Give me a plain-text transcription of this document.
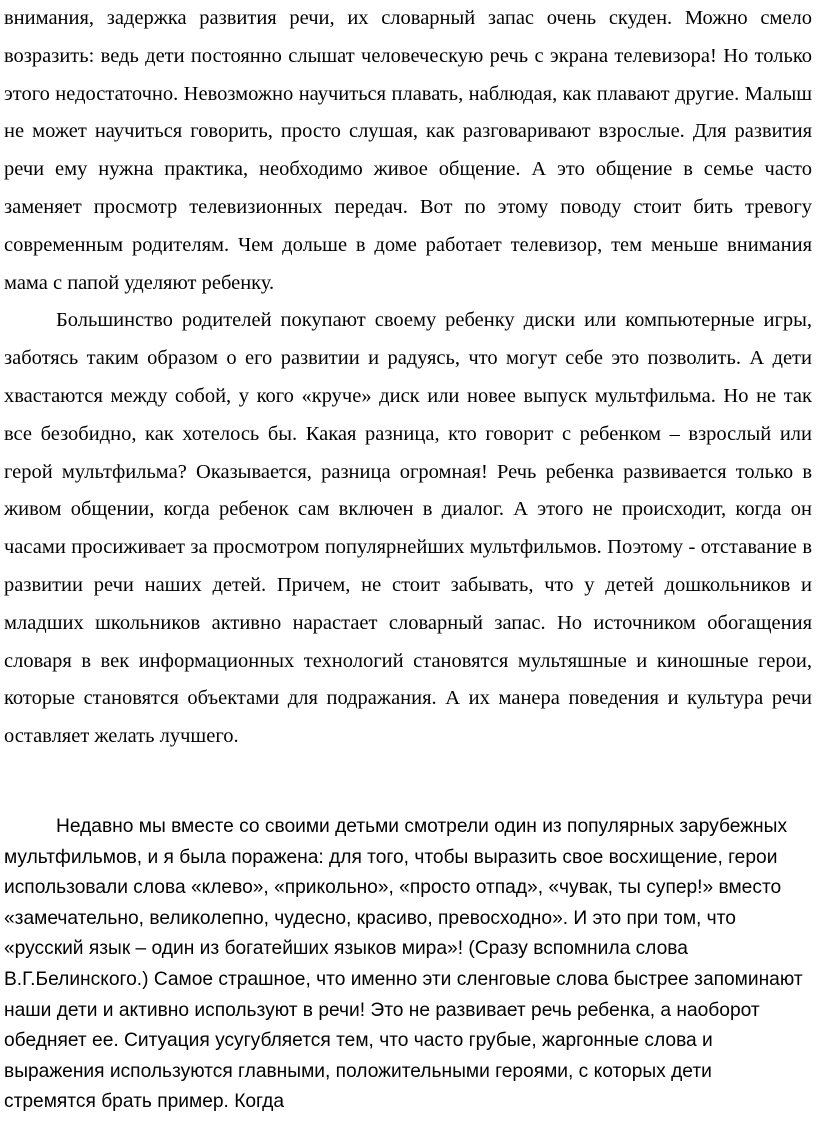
внимания, задержка развития речи, их словарный запас очень скуден. Можно смело возразить: ведь дети постоянно слышат человеческую речь с экрана телевизора! Но только этого недостаточно. Невозможно научиться плавать, наблюдая, как плавают другие. Малыш не может научиться говорить, просто слушая, как разговаривают взрослые. Для развития речи ему нужна практика, необходимо живое общение. А это общение в семье часто заменяет просмотр телевизионных передач. Вот по этому поводу стоит бить тревогу современным родителям. Чем дольше в доме работает телевизор, тем меньше внимания мама с папой уделяют ребенку.

Большинство родителей покупают своему ребенку диски или компьютерные игры, заботясь таким образом о его развитии и радуясь, что могут себе это позволить. А дети хвастаются между собой, у кого «круче» диск или новее выпуск мультфильма. Но не так все безобидно, как хотелось бы. Какая разница, кто говорит с ребенком – взрослый или герой мультфильма? Оказывается, разница огромная! Речь ребенка развивается только в живом общении, когда ребенок сам включен в диалог. А этого не происходит, когда он часами просиживает за просмотром популярнейших мультфильмов. Поэтому - отставание в развитии речи наших детей. Причем, не стоит забывать, что у детей дошкольников и младших школьников активно нарастает словарный запас. Но источником обогащения словаря в век информационных технологий становятся мультяшные и киношные герои, которые становятся объектами для подражания. А их манера поведения и культура речи оставляет желать лучшего.

Недавно мы вместе со своими детьми смотрели один из популярных зарубежных мультфильмов, и я была поражена: для того, чтобы выразить свое восхищение, герои использовали слова «клево», «прикольно», «просто отпад», «чувак, ты супер!» вместо «замечательно, великолепно, чудесно, красиво, превосходно». И это при том, что «русский язык – один из богатейших языков мира»! (Сразу вспомнила слова В.Г.Белинского.) Самое страшное, что именно эти сленговые слова быстрее запоминают наши дети и активно используют в речи! Это не развивает речь ребенка, а наоборот обедняет ее. Ситуация усугубляется тем, что часто грубые, жаргонные слова и выражения используются главными, положительными героями, с которых дети стремятся брать пример. Когда
